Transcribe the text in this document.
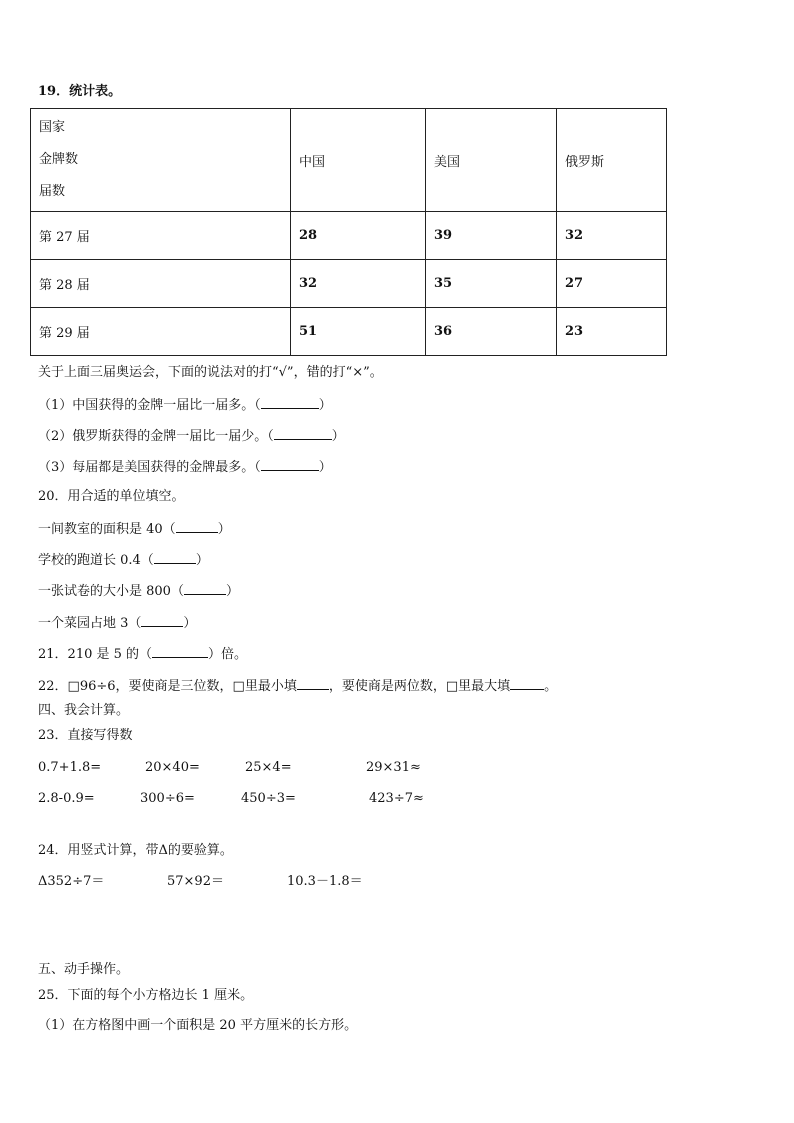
19．统计表。
国家
金牌数
届数	中国	美国	俄罗斯
第 27 届	28	39	32
第 28 届	32	35	27
第 29 届	51	36	23
关于上面三届奥运会，下面的说法对的打“√”，错的打“×”。
（1）中国获得的金牌一届比一届多。（	）
（2）俄罗斯获得的金牌一届比一届少。（	）
（3）每届都是美国获得的金牌最多。（	）
20．用合适的单位填空。
一间教室的面积是 40（	）
学校的跑道长 0.4（	）
一张试卷的大小是 800（	）
一个菜园占地 3（	）
21．210 是 5 的（	）倍。
22．□96÷6，要使商是三位数，□里最小填 ，要使商是两位数，□里最大填	。
四、我会计算。
23．直接写得数
0.7+1.8=	20×40=	25×4=	29×31≈
2.8-0.9=	300÷6=	450÷3=	423÷7≈
24．用竖式计算，带Δ的要验算。
Δ352÷7＝	57×92＝	10.3－1.8＝
五、动手操作。
25．下面的每个小方格边长 1 厘米。
（1）在方格图中画一个面积是 20 平方厘米的长方形。
